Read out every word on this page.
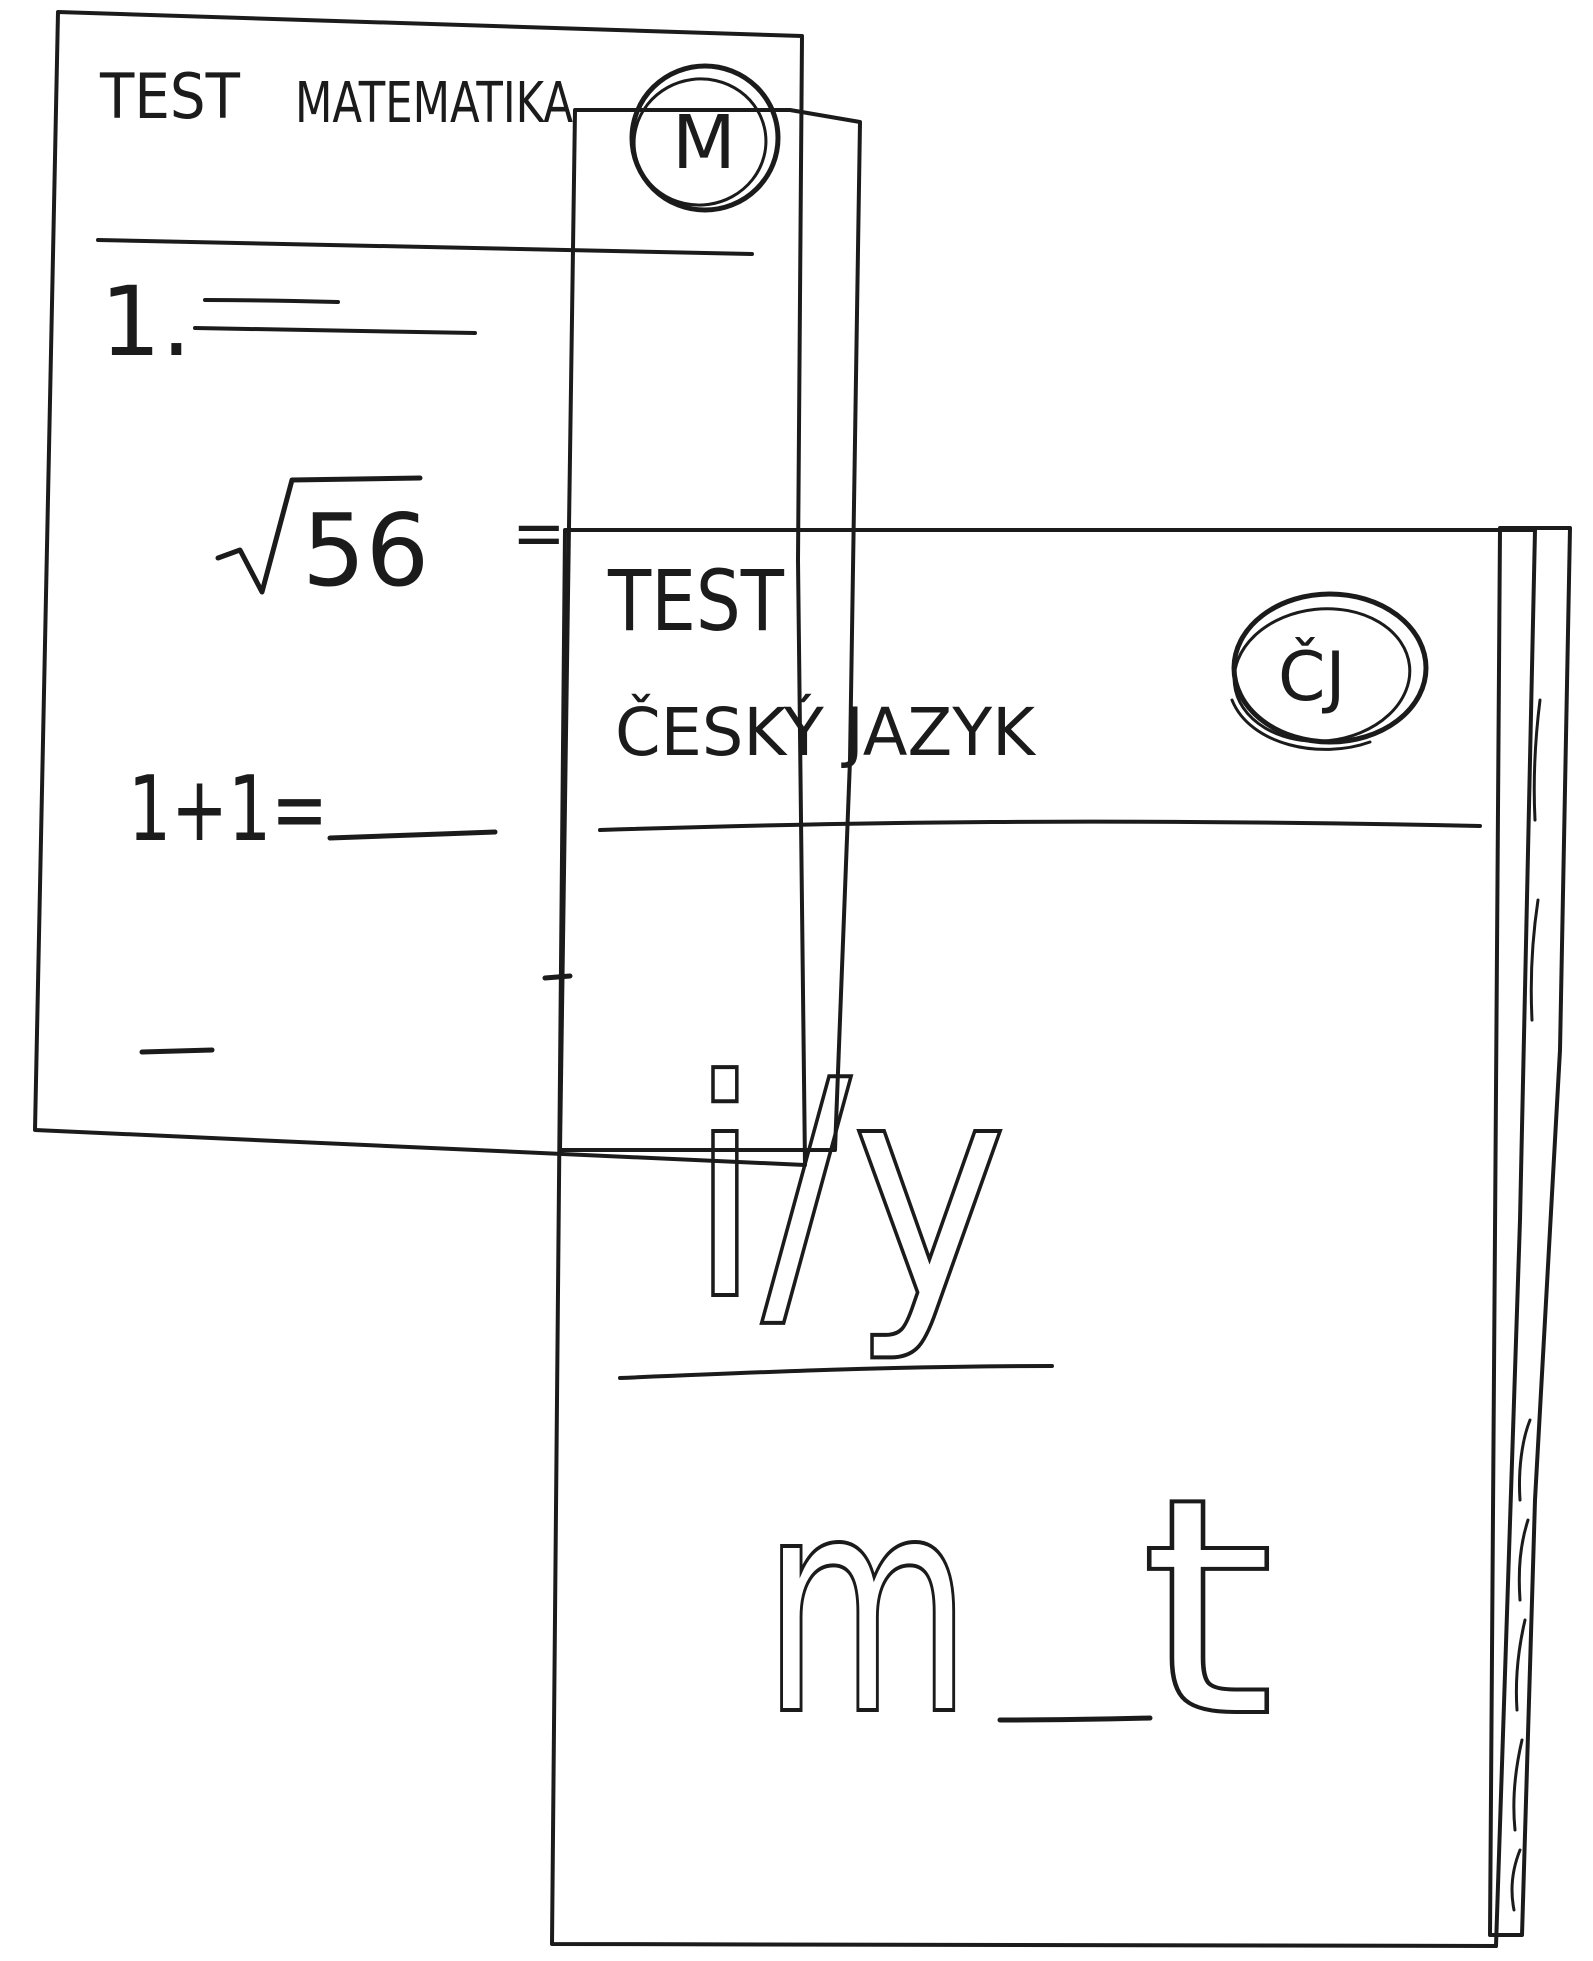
TEST MATEMATIKA M
1.
56 =
1+1=
TEST
ČESKÝ JAZYK
ČJ
i/y
m t
